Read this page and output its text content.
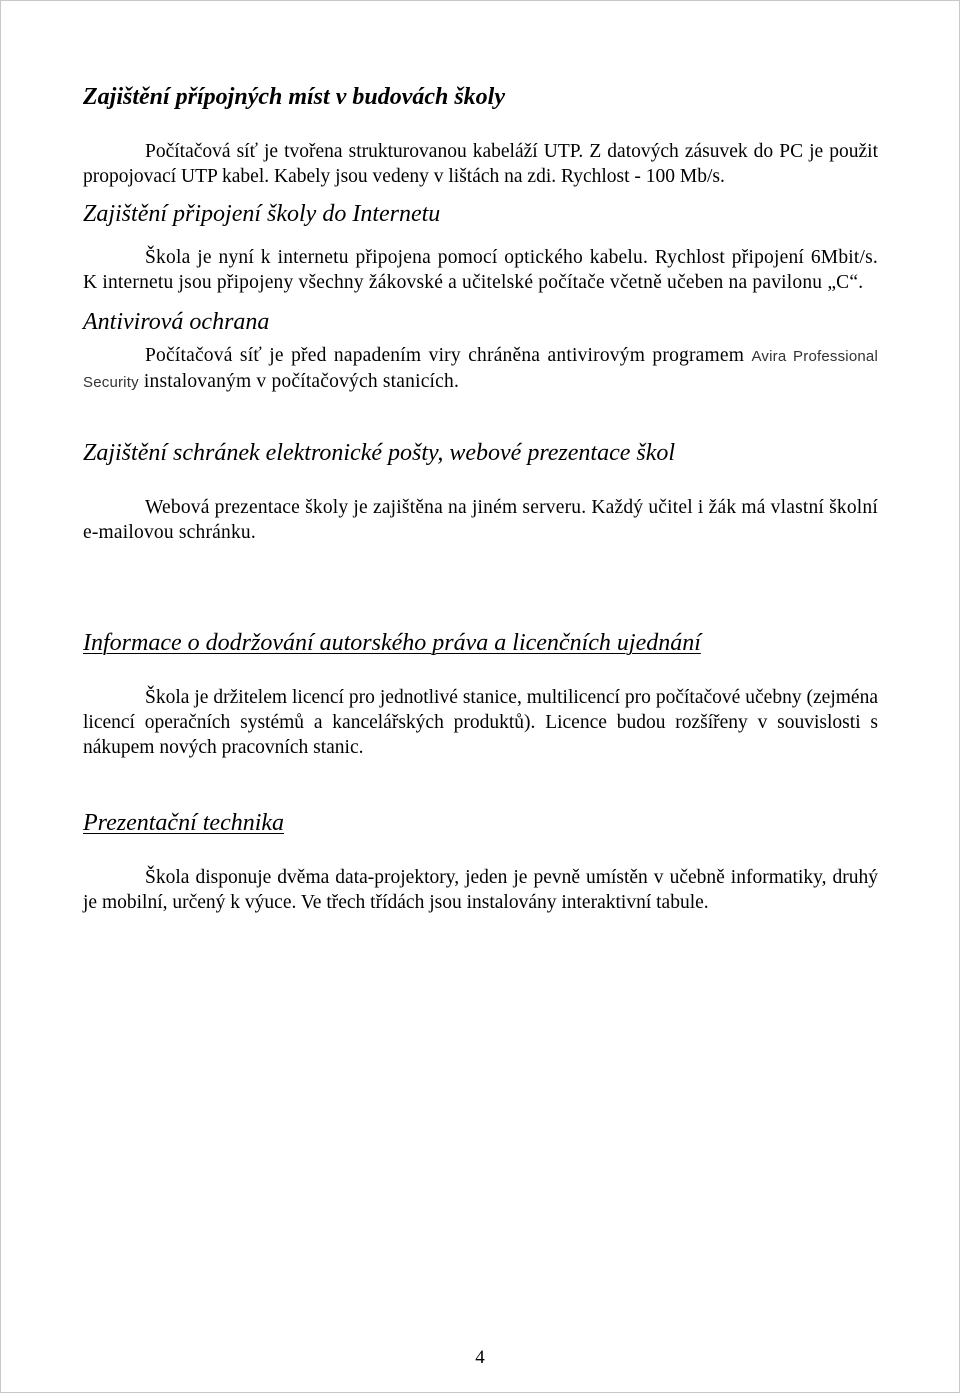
Zajištění přípojných míst v budovách školy

Počítačová síť je tvořena strukturovanou kabeláží UTP. Z datových zásuvek do PC je použit propojovací UTP kabel. Kabely jsou vedeny v lištách na zdi. Rychlost - 100 Mb/s.

Zajištění připojení školy do Internetu

Škola je nyní k internetu připojena pomocí optického kabelu. Rychlost připojení 6Mbit/s. K internetu jsou připojeny všechny žákovské a učitelské počítače včetně učeben na pavilonu „C“.

Antivirová ochrana

Počítačová síť je před napadením viry chráněna antivirovým programem Avira Professional Security instalovaným v počítačových stanicích.

Zajištění schránek elektronické pošty, webové prezentace škol

Webová prezentace školy je zajištěna na jiném serveru. Každý učitel i žák má vlastní školní e-mailovou schránku.

Informace o dodržování autorského práva a licenčních ujednání

Škola je držitelem licencí pro jednotlivé stanice, multilicencí pro počítačové učebny (zejména licencí operačních systémů a kancelářských produktů). Licence budou rozšířeny v souvislosti s nákupem nových pracovních stanic.

Prezentační technika

Škola disponuje dvěma data-projektory, jeden je pevně umístěn v učebně informatiky, druhý je mobilní, určený k výuce. Ve třech třídách jsou instalovány interaktivní tabule.

4
